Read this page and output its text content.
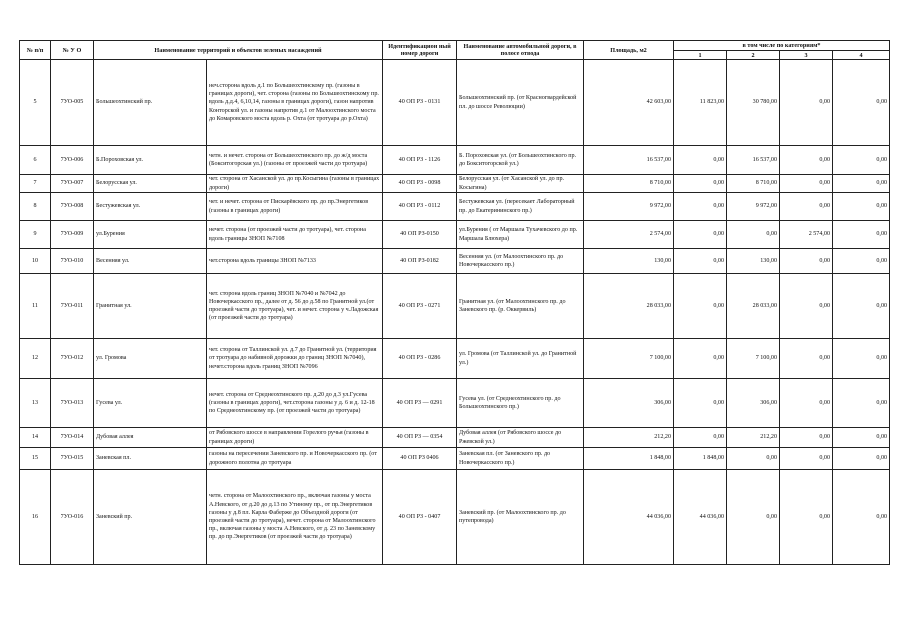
№ п/п	№ У О	Наименование территорий и объектов зеленых насаждений		Идентификацион ный номер дороги	Наименование автомобильной дороги, в полосе отвода	Площадь, м2	в том числе по категориям*			
							1	2	3	4
5	7УО-005	Большеохтинский пр.	неч.сторона вдоль д.1 по Большеохтинскому пр. (газоны в границах дороги), чет. сторона (газоны по Большеохтинскому пр. вдоль д.д.4, 6,10,14, газоны в границах дороги), газон напротив Конторской ул. и газоны напротив д.1 от Малоохтинского моста до Комаровского моста вдоль р. Охта (от тротуара до р.Охта)	40 ОП РЗ - 0131	Большеохтинский пр. (от Красногвардейской пл. до шоссе Революции)	42 603,00	11 823,00	30 780,00	0,00	0,00
6	7УО-006	Б.Пороховская ул.	четн. и нечет. сторона от Большеохтинского пр. до ж/д моста (Бокситогорская ул.) (газоны от проезжей части до тротуара)	40 ОП РЗ - 1126	Б. Пороховская ул. (от Большеохтинского пр. до Бокситогорской ул.)	16 537,00	0,00	16 537,00	0,00	0,00
7	7УО-007	Белорусская ул.	чет. сторона от Хасанской ул. до пр.Косыгина (газоны в границах дороги)	40 ОП РЗ - 0098	Белорусская ул. (от Хасанской ул. до пр. Косыгина)	8 710,00	0,00	8 710,00	0,00	0,00
8	7УО-008	Бестужевская ул.	чет. и нечет. сторона от Пискарёвского пр. до пр.Энергетиков (газоны в границах дороги)	40 ОП РЗ - 0112	Бестужевская ул. (пересекает Лабораторный пр. до Екатерининского пр.)	9 972,00	0,00	9 972,00	0,00	0,00
9	7УО-009	ул.Бурения	нечет. сторона (от проезжей части до тротуара), чет. сторона вдоль границы ЗНОП №7108	40 ОП РЗ-0150	ул.Бурения ( от Маршала Тухачевского до пр. Маршала Блюхера)	2 574,00	0,00	0,00	2 574,00	0,00
10	7УО-010	Весенняя ул.	чет.сторона вдоль границы ЗНОП №7133	40 ОП РЗ-0182	Весенняя ул. (от Малоохтинского пр. до Новочеркасского пр.)	130,00	0,00	130,00	0,00	0,00
11	7УО-011	Гранитная ул.	чет. сторона вдоль границ ЗНОП №7040 и №7042 до Новочеркасского пр., далее от д. 56 до д.58 по Гранитной ул.(от проезжей части до тротуара), чет. и нечет. сторона у ч.Ладожская (от проезжей части до тротуара)	40 ОП РЗ - 0271	Гранитная ул. (от Малоохтинского пр. до Заневского пр. (р. Оккервиль)	28 033,00	0,00	28 033,00	0,00	0,00
12	7УО-012	ул. Громова	чет. сторона от Таллинской ул. д.7 до Гранитной ул. (территория от тротуара до набивной дорожки до границ ЗНОП №7040), нечет.сторона вдоль границ ЗНОП №7096	40 ОП РЗ - 0286	ул. Громова (от Таллинской ул. до Гранитной ул.)	7 100,00	0,00	7 100,00	0,00	0,00
13	7УО-013	Гусева ул.	нечет. сторона от Среднеохтинского пр. д.20 до д.3 ул.Гусева (газоны в границах дороги), чет.сторона газоны у д. 6 и д. 12-18 по Среднеохтинскому пр. (от проезжей части до тротуара)	40 ОП РЗ — 0291	Гусева ул. (от Среднеохтинского пр. до Большеохтинского пр.)	306,00	0,00	306,00	0,00	0,00
14	7УО-014	Дубовая аллея	от Рябовского шоссе в направлении Горелого ручья (газоны в границах дороги)	40 ОП РЗ — 0354	Дубовая аллея (от Рябовского шоссе до Ржевской ул.)	212,20	0,00	212,20	0,00	0,00
15	7УО-015	Заневская пл.	газоны на пересечении Заневского пр. и Новочеркасского пр. (от дорожного полотна до тротуара	40 ОП РЗ 0406	Заневская пл. (от Заневского пр. до Новочеркасского пр.)	1 848,00	1 848,00	0,00	0,00	0,00
16	7УО-016	Заневский пр.	четн. сторона от Малоохтинского пр., включая газоны у моста А.Невского, от д.20 до д.13 по Утиному пр., от пр.Энергетиков газоны у д.8 пл. Карла Фаберже до Объездной дороги (от проезжей части до тротуара), нечет. сторона от Малоохтинского пр., включая газоны у моста А.Невского, от д. 23 по Заневскому пр. до пр.Энергетиков (от проезжей части до тротуара)	40 ОП РЗ - 0407	Заневский пр. (от Малоохтинского пр. до путепровода)	44 036,00	44 036,00	0,00	0,00	0,00
